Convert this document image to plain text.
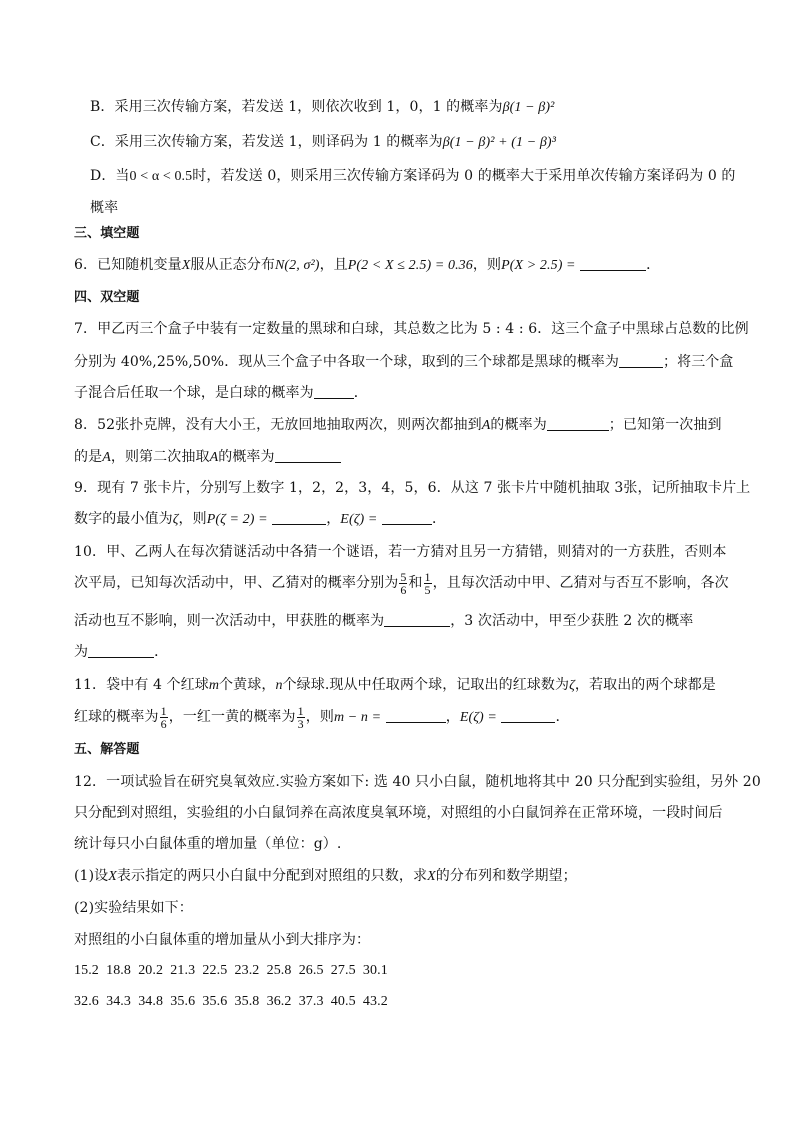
B．采用三次传输方案，若发送 1，则依次收到 1，0，1 的概率为β(1 − β)²
C．采用三次传输方案，若发送 1，则译码为 1 的概率为β(1 − β)² + (1 − β)³
D．当0 < α < 0.5时，若发送 0，则采用三次传输方案译码为 0 的概率大于采用单次传输方案译码为 0 的
概率
三、填空题
6．已知随机变量X服从正态分布N(2, σ²)，且P(2 < X ≤ 2.5) = 0.36，则P(X > 2.5) =	．
四、双空题
7．甲乙丙三个盒子中装有一定数量的黑球和白球，其总数之比为 5 : 4 : 6．这三个盒子中黑球占总数的比例
分别为 40%,25%,50%．现从三个盒子中各取一个球，取到的三个球都是黑球的概率为	；将三个盒
子混合后任取一个球，是白球的概率为	．
8．52张扑克牌，没有大小王，无放回地抽取两次，则两次都抽到A的概率为	；已知第一次抽到
的是A，则第二次抽取A的概率为
9．现有 7 张卡片，分别写上数字 1，2，2，3，4，5，6．从这 7 张卡片中随机抽取 3张，记所抽取卡片上
数字的最小值为ζ，则P(ζ = 2) =	，E(ζ) =	．
10．甲、乙两人在每次猜谜活动中各猜一个谜语，若一方猜对且另一方猜错，则猜对的一方获胜，否则本
次平局，已知每次活动中，甲、乙猜对的概率分别为 $\frac{5}{6}$ 和 $\frac{1}{5}$ ，且每次活动中甲、乙猜对与否互不影响，各次
活动也互不影响，则一次活动中，甲获胜的概率为	，3 次活动中，甲至少获胜 2 次的概率
为	．
11．袋中有 4 个红球m个黄球，n个绿球.现从中任取两个球，记取出的红球数为ζ，若取出的两个球都是
红球的概率为 $\frac{1}{6}$ ，一红一黄的概率为 $\frac{1}{3}$ ，则m − n =	，E(ζ) =	.
五、解答题
12．一项试验旨在研究臭氧效应.实验方案如下: 选 40 只小白鼠，随机地将其中 20 只分配到实验组，另外 20
只分配到对照组，实验组的小白鼠饲养在高浓度臭氧环境，对照组的小白鼠饲养在正常环境，一段时间后
统计每只小白鼠体重的增加量（单位：g）.
(1)设X表示指定的两只小白鼠中分配到对照组的只数，求X的分布列和数学期望；
(2)实验结果如下：
对照组的小白鼠体重的增加量从小到大排序为：
15.2  18.8  20.2  21.3  22.5  23.2  25.8  26.5  27.5  30.1
32.6  34.3  34.8  35.6  35.6  35.8  36.2  37.3  40.5  43.2
